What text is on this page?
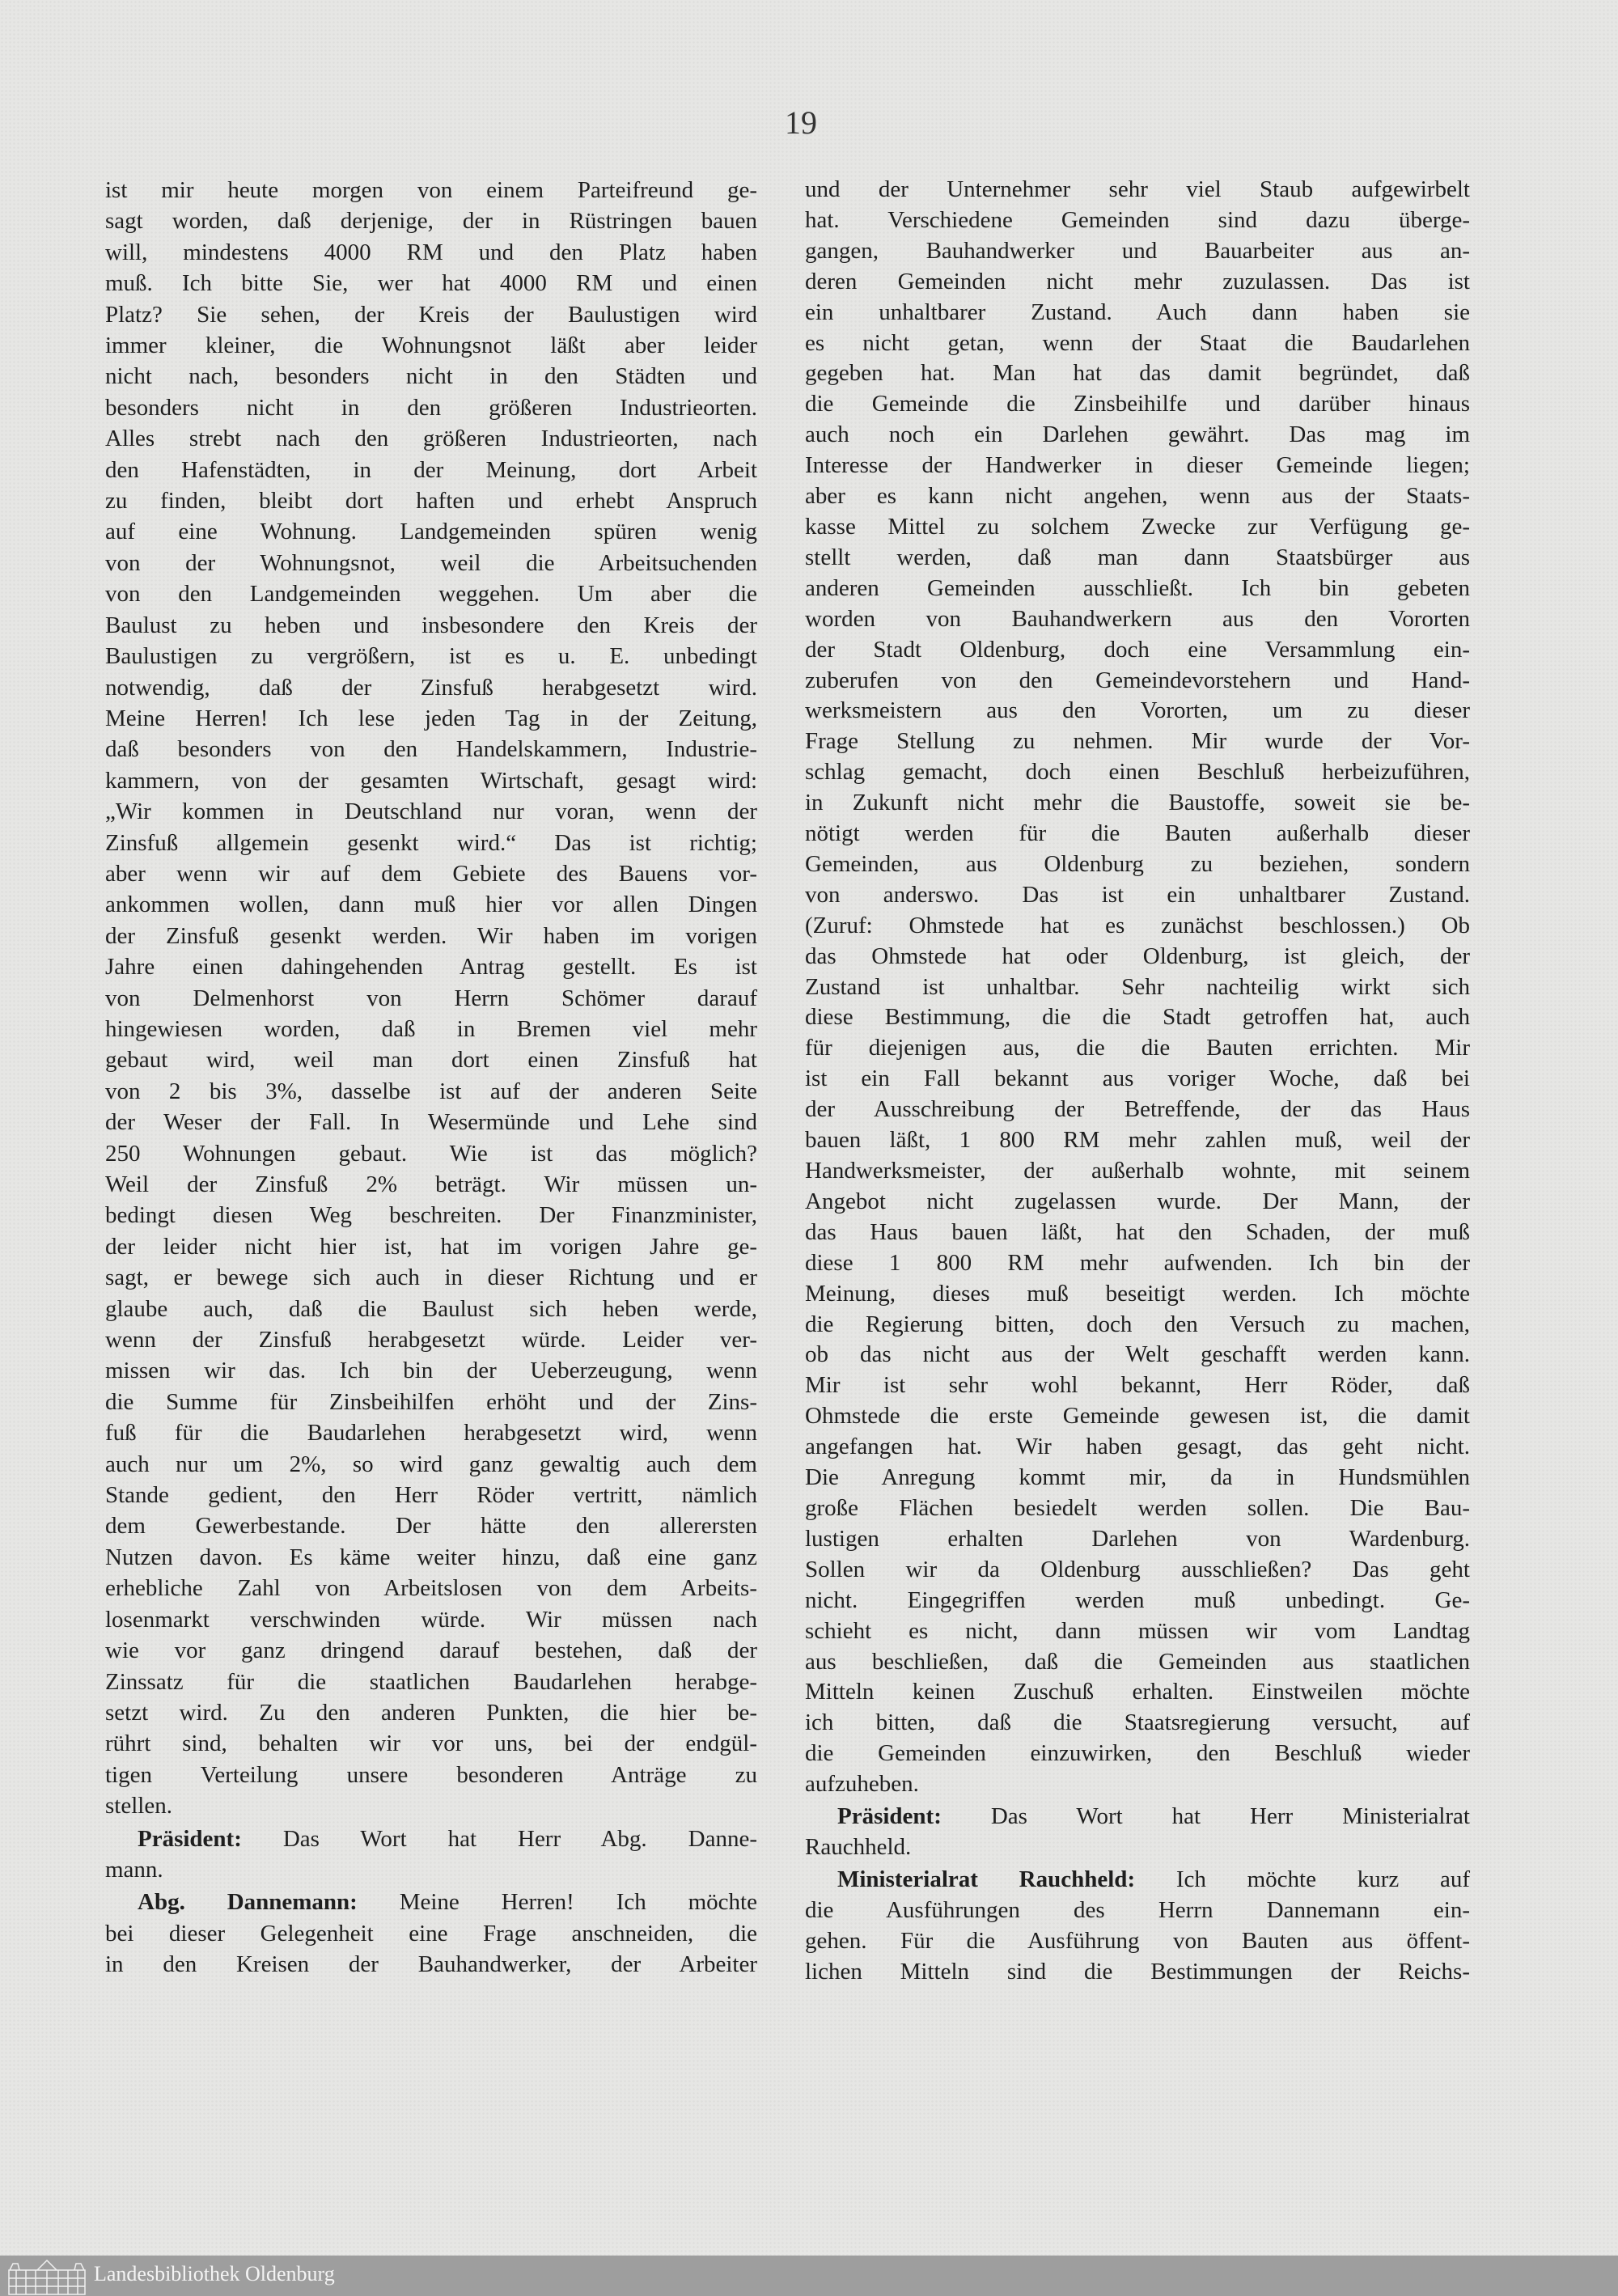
19
ist mir heute morgen von einem Parteifreund ge-
sagt worden, daß derjenige, der in Rüstringen bauen
will, mindestens 4000 RM und den Platz haben
muß. Ich bitte Sie, wer hat 4000 RM und einen
Platz? Sie sehen, der Kreis der Baulustigen wird
immer kleiner, die Wohnungsnot läßt aber leider
nicht nach, besonders nicht in den Städten und
besonders nicht in den größeren Industrieorten.
Alles strebt nach den größeren Industrieorten, nach
den Hafenstädten, in der Meinung, dort Arbeit
zu finden, bleibt dort haften und erhebt Anspruch
auf eine Wohnung. Landgemeinden spüren wenig
von der Wohnungsnot, weil die Arbeitsuchenden
von den Landgemeinden weggehen. Um aber die
Baulust zu heben und insbesondere den Kreis der
Baulustigen zu vergrößern, ist es u. E. unbedingt
notwendig, daß der Zinsfuß herabgesetzt wird.
Meine Herren! Ich lese jeden Tag in der Zeitung,
daß besonders von den Handelskammern, Industrie-
kammern, von der gesamten Wirtschaft, gesagt wird:
„Wir kommen in Deutschland nur voran, wenn der
Zinsfuß allgemein gesenkt wird.“ Das ist richtig;
aber wenn wir auf dem Gebiete des Bauens vor-
ankommen wollen, dann muß hier vor allen Dingen
der Zinsfuß gesenkt werden. Wir haben im vorigen
Jahre einen dahingehenden Antrag gestellt. Es ist
von Delmenhorst von Herrn Schömer darauf
hingewiesen worden, daß in Bremen viel mehr
gebaut wird, weil man dort einen Zinsfuß hat
von 2 bis 3%, dasselbe ist auf der anderen Seite
der Weser der Fall. In Wesermünde und Lehe sind
250 Wohnungen gebaut. Wie ist das möglich?
Weil der Zinsfuß 2% beträgt. Wir müssen un-
bedingt diesen Weg beschreiten. Der Finanzminister,
der leider nicht hier ist, hat im vorigen Jahre ge-
sagt, er bewege sich auch in dieser Richtung und er
glaube auch, daß die Baulust sich heben werde,
wenn der Zinsfuß herabgesetzt würde. Leider ver-
missen wir das. Ich bin der Ueberzeugung, wenn
die Summe für Zinsbeihilfen erhöht und der Zins-
fuß für die Baudarlehen herabgesetzt wird, wenn
auch nur um 2%, so wird ganz gewaltig auch dem
Stande gedient, den Herr Röder vertritt, nämlich
dem Gewerbestande. Der hätte den allerersten
Nutzen davon. Es käme weiter hinzu, daß eine ganz
erhebliche Zahl von Arbeitslosen von dem Arbeits-
losenmarkt verschwinden würde. Wir müssen nach
wie vor ganz dringend darauf bestehen, daß der
Zinssatz für die staatlichen Baudarlehen herabge-
setzt wird. Zu den anderen Punkten, die hier be-
rührt sind, behalten wir vor uns, bei der endgül-
tigen Verteilung unsere besonderen Anträge zu
stellen.
Präsident: Das Wort hat Herr Abg. Danne-
mann.
Abg. Dannemann: Meine Herren! Ich möchte
bei dieser Gelegenheit eine Frage anschneiden, die
in den Kreisen der Bauhandwerker, der Arbeiter
und der Unternehmer sehr viel Staub aufgewirbelt
hat. Verschiedene Gemeinden sind dazu überge-
gangen, Bauhandwerker und Bauarbeiter aus an-
deren Gemeinden nicht mehr zuzulassen. Das ist
ein unhaltbarer Zustand. Auch dann haben sie
es nicht getan, wenn der Staat die Baudarlehen
gegeben hat. Man hat das damit begründet, daß
die Gemeinde die Zinsbeihilfe und darüber hinaus
auch noch ein Darlehen gewährt. Das mag im
Interesse der Handwerker in dieser Gemeinde liegen;
aber es kann nicht angehen, wenn aus der Staats-
kasse Mittel zu solchem Zwecke zur Verfügung ge-
stellt werden, daß man dann Staatsbürger aus
anderen Gemeinden ausschließt. Ich bin gebeten
worden von Bauhandwerkern aus den Vororten
der Stadt Oldenburg, doch eine Versammlung ein-
zuberufen von den Gemeindevorstehern und Hand-
werksmeistern aus den Vororten, um zu dieser
Frage Stellung zu nehmen. Mir wurde der Vor-
schlag gemacht, doch einen Beschluß herbeizuführen,
in Zukunft nicht mehr die Baustoffe, soweit sie be-
nötigt werden für die Bauten außerhalb dieser
Gemeinden, aus Oldenburg zu beziehen, sondern
von anderswo. Das ist ein unhaltbarer Zustand.
(Zuruf: Ohmstede hat es zunächst beschlossen.) Ob
das Ohmstede hat oder Oldenburg, ist gleich, der
Zustand ist unhaltbar. Sehr nachteilig wirkt sich
diese Bestimmung, die die Stadt getroffen hat, auch
für diejenigen aus, die die Bauten errichten. Mir
ist ein Fall bekannt aus voriger Woche, daß bei
der Ausschreibung der Betreffende, der das Haus
bauen läßt, 1 800 RM mehr zahlen muß, weil der
Handwerksmeister, der außerhalb wohnte, mit seinem
Angebot nicht zugelassen wurde. Der Mann, der
das Haus bauen läßt, hat den Schaden, der muß
diese 1 800 RM mehr aufwenden. Ich bin der
Meinung, dieses muß beseitigt werden. Ich möchte
die Regierung bitten, doch den Versuch zu machen,
ob das nicht aus der Welt geschafft werden kann.
Mir ist sehr wohl bekannt, Herr Röder, daß
Ohmstede die erste Gemeinde gewesen ist, die damit
angefangen hat. Wir haben gesagt, das geht nicht.
Die Anregung kommt mir, da in Hundsmühlen
große Flächen besiedelt werden sollen. Die Bau-
lustigen erhalten Darlehen von Wardenburg.
Sollen wir da Oldenburg ausschließen? Das geht
nicht. Eingegriffen werden muß unbedingt. Ge-
schieht es nicht, dann müssen wir vom Landtag
aus beschließen, daß die Gemeinden aus staatlichen
Mitteln keinen Zuschuß erhalten. Einstweilen möchte
ich bitten, daß die Staatsregierung versucht, auf
die Gemeinden einzuwirken, den Beschluß wieder
aufzuheben.
Präsident: Das Wort hat Herr Ministerialrat
Rauchheld.
Ministerialrat Rauchheld: Ich möchte kurz auf
die Ausführungen des Herrn Dannemann ein-
gehen. Für die Ausführung von Bauten aus öffent-
lichen Mitteln sind die Bestimmungen der Reichs-
Landesbibliothek Oldenburg
